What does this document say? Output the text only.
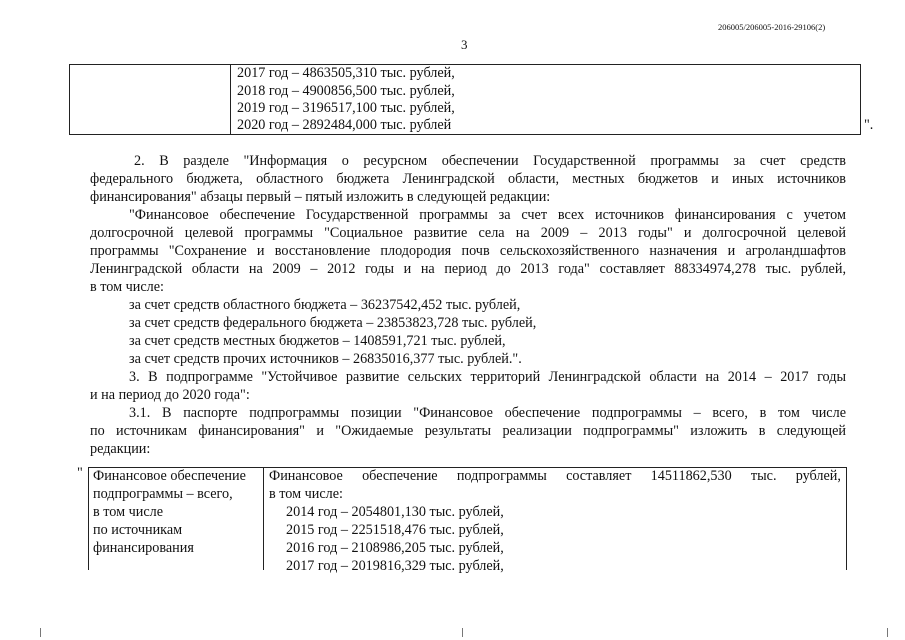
206005/206005-2016-29106(2)
3
2017 год – 4863505,310 тыс. рублей,
2018 год – 4900856,500 тыс. рублей,
2019 год – 3196517,100 тыс. рублей,
2020 год – 2892484,000 тыс. рублей	".
2. В разделе "Информация о ресурсном обеспечении Государственной программы за счет средств
федерального бюджета, областного бюджета Ленинградской области, местных бюджетов и иных источников
финансирования" абзацы первый – пятый изложить в следующей редакции:
"Финансовое обеспечение Государственной программы за счет всех источников финансирования с учетом
долгосрочной целевой программы "Социальное развитие села на 2009 – 2013 годы" и долгосрочной целевой
программы "Сохранение и восстановление плодородия почв сельскохозяйственного назначения и агроландшафтов
Ленинградской области на 2009 – 2012 годы и на период до 2013 года" составляет 88334974,278 тыс. рублей,
в том числе:
за счет средств областного бюджета – 36237542,452 тыс. рублей,
за счет средств федерального бюджета – 23853823,728 тыс. рублей,
за счет средств местных бюджетов – 1408591,721 тыс. рублей,
за счет средств прочих источников – 26835016,377 тыс. рублей.".
3. В подпрограмме "Устойчивое развитие сельских территорий Ленинградской области на 2014 – 2017 годы
и на период до 2020 года":
3.1. В паспорте подпрограммы позиции "Финансовое обеспечение подпрограммы – всего, в том числе
по источникам финансирования" и "Ожидаемые результаты реализации подпрограммы" изложить в следующей
редакции:
" Финансовое обеспечение
подпрограммы – всего,
в том числе
по источникам
финансирования
Финансовое обеспечение подпрограммы составляет 14511862,530 тыс. рублей,
в том числе:
2014 год – 2054801,130 тыс. рублей,
2015 год – 2251518,476 тыс. рублей,
2016 год – 2108986,205 тыс. рублей,
2017 год – 2019816,329 тыс. рублей,
